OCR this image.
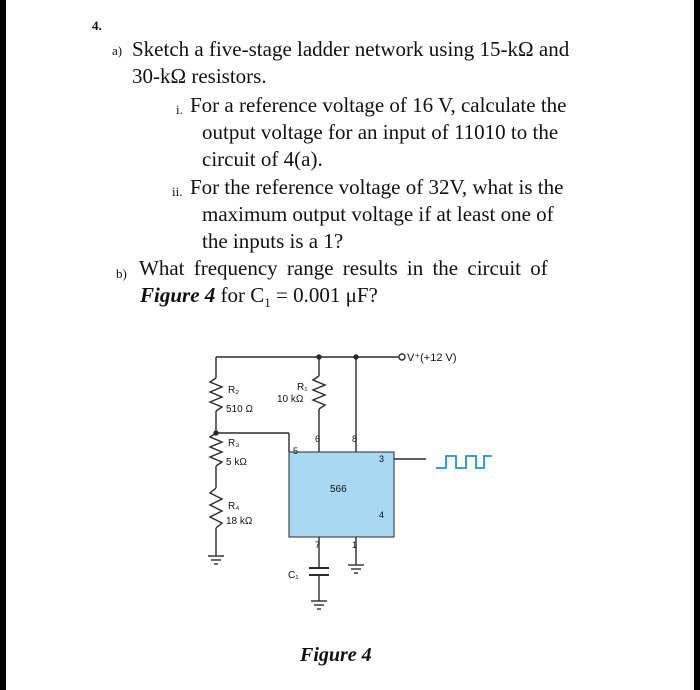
4.
a) Sketch a five-stage ladder network using 15-kΩ and
30-kΩ resistors.
i. For a reference voltage of 16 V, calculate the
output voltage for an input of 11010 to the
circuit of 4(a).
ii. For the reference voltage of 32V, what is the
maximum output voltage if at least one of
the inputs is a 1?
b) What frequency range results in the circuit of
Figure 4 for $C_1 = 0.001$ μF?
V⁺(+12 V)
R₁
10 kΩ
R₂
510 Ω
R₃
5 kΩ
R₄
18 kΩ
C₁
566
6	8
5
3
4
7	1
Figure 4
